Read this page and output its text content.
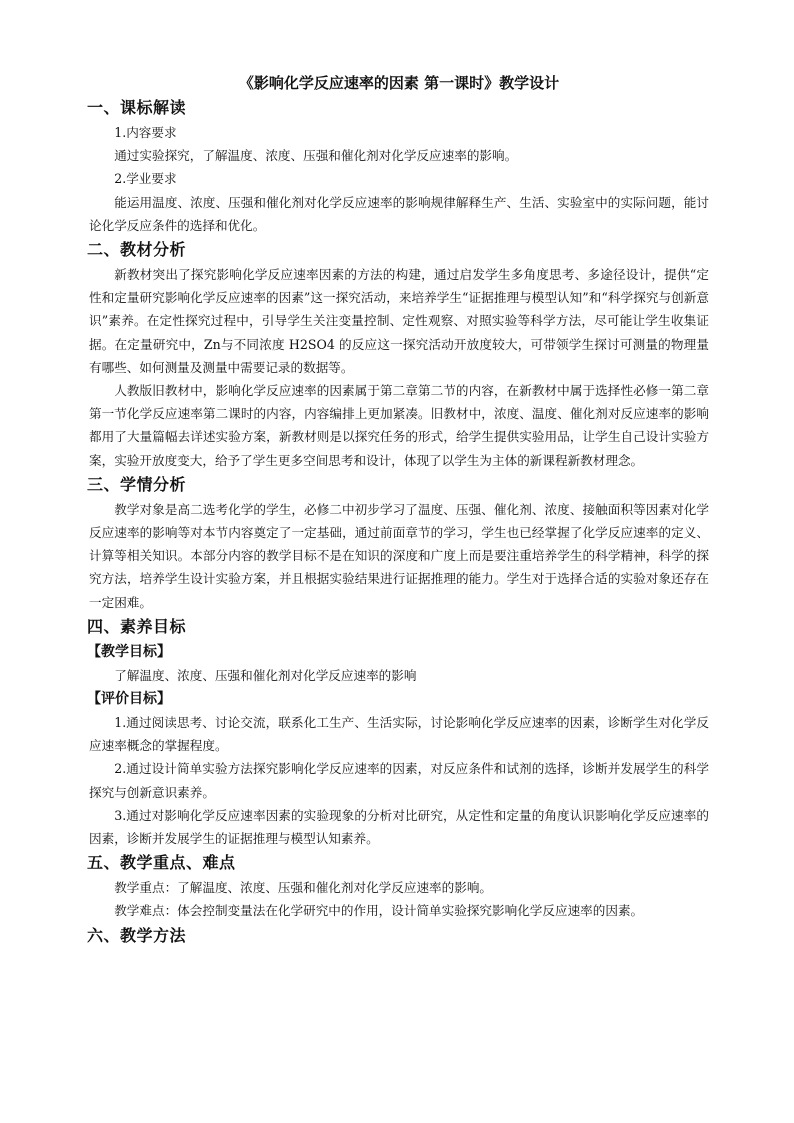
《影响化学反应速率的因素 第一课时》教学设计
一、课标解读

1.内容要求

通过实验探究，了解温度、浓度、压强和催化剂对化学反应速率的影响。

2.学业要求

能运用温度、浓度、压强和催化剂对化学反应速率的影响规律解释生产、生活、实验室中的实际问题，能讨论化学反应条件的选择和优化。

二、教材分析

新教材突出了探究影响化学反应速率因素的方法的构建，通过启发学生多角度思考、多途径设计，提供“定性和定量研究影响化学反应速率的因素”这一探究活动，来培养学生“证据推理与模型认知”和“科学探究与创新意识”素养。在定性探究过程中，引导学生关注变量控制、定性观察、对照实验等科学方法，尽可能让学生收集证据。在定量研究中，Zn与不同浓度 H2SO4 的反应这一探究活动开放度较大，可带领学生探讨可测量的物理量有哪些、如何测量及测量中需要记录的数据等。

人教版旧教材中，影响化学反应速率的因素属于第二章第二节的内容，在新教材中属于选择性必修一第二章第一节化学反应速率第二课时的内容，内容编排上更加紧凑。旧教材中，浓度、温度、催化剂对反应速率的影响都用了大量篇幅去详述实验方案，新教材则是以探究任务的形式，给学生提供实验用品，让学生自己设计实验方案，实验开放度变大，给予了学生更多空间思考和设计，体现了以学生为主体的新课程新教材理念。

三、学情分析

教学对象是高二选考化学的学生，必修二中初步学习了温度、压强、催化剂、浓度、接触面积等因素对化学反应速率的影响等对本节内容奠定了一定基础，通过前面章节的学习，学生也已经掌握了化学反应速率的定义、计算等相关知识。本部分内容的教学目标不是在知识的深度和广度上而是要注重培养学生的科学精神，科学的探究方法，培养学生设计实验方案，并且根据实验结果进行证据推理的能力。学生对于选择合适的实验对象还存在一定困难。

四、素养目标
【教学目标】

了解温度、浓度、压强和催化剂对化学反应速率的影响

【评价目标】

1.通过阅读思考、讨论交流，联系化工生产、生活实际，讨论影响化学反应速率的因素，诊断学生对化学反应速率概念的掌握程度。

2.通过设计简单实验方法探究影响化学反应速率的因素，对反应条件和试剂的选择，诊断并发展学生的科学探究与创新意识素养。

3.通过对影响化学反应速率因素的实验现象的分析对比研究，从定性和定量的角度认识影响化学反应速率的因素，诊断并发展学生的证据推理与模型认知素养。

五、教学重点、难点

教学重点：了解温度、浓度、压强和催化剂对化学反应速率的影响。

教学难点：体会控制变量法在化学研究中的作用，设计简单实验探究影响化学反应速率的因素。

六、教学方法
